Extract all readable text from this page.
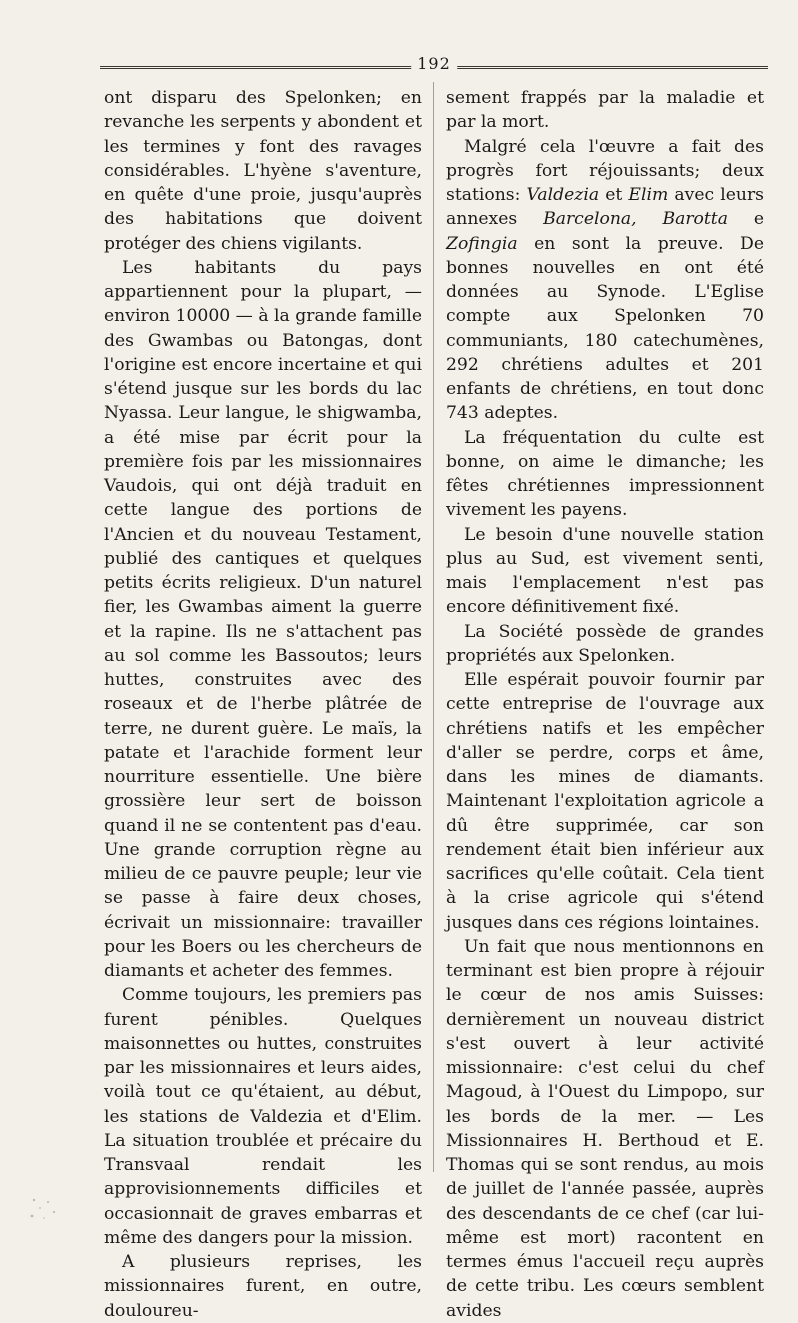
192

ont disparu des Spelonken; en revanche les serpents y abondent et les termines y font des ravages considérables. L'hyène s'aventure, en quête d'une proie, jusqu'auprès des habitations que doivent protéger des chiens vigilants.

Les habitants du pays appartiennent pour la plupart, — environ 10000 — à la grande famille des Gwambas ou Batongas, dont l'origine est encore incertaine et qui s'étend jusque sur les bords du lac Nyassa. Leur langue, le shigwamba, a été mise par écrit pour la première fois par les missionnaires Vaudois, qui ont déjà traduit en cette langue des portions de l'Ancien et du nouveau Testament, publié des cantiques et quelques petits écrits religieux. D'un naturel fier, les Gwambas aiment la guerre et la rapine. Ils ne s'attachent pas au sol comme les Bassoutos; leurs huttes, construites avec des roseaux et de l'herbe plâtrée de terre, ne durent guère. Le maïs, la patate et l'arachide forment leur nourriture essentielle. Une bière grossière leur sert de boisson quand il ne se contentent pas d'eau. Une grande corruption règne au milieu de ce pauvre peuple; leur vie se passe à faire deux choses, écrivait un missionnaire: travailler pour les Boers ou les chercheurs de diamants et acheter des femmes.

Comme toujours, les premiers pas furent pénibles. Quelques maisonnettes ou huttes, construites par les missionnaires et leurs aides, voilà tout ce qu'étaient, au début, les stations de Valdezia et d'Elim. La situation troublée et précaire du Transvaal rendait les approvisionnements difficiles et occasionnait de graves embarras et même des dangers pour la mission.

A plusieurs reprises, les missionnaires furent, en outre, douloureu-

sement frappés par la maladie et par la mort.

Malgré cela l'œuvre a fait des progrès fort réjouissants; deux stations: Valdezia et Elim avec leurs annexes Barcelona, Barotta e Zofingia en sont la preuve. De bonnes nouvelles en ont été données au Synode. L'Eglise compte aux Spelonken 70 communiants, 180 catechumènes, 292 chrétiens adultes et 201 enfants de chrétiens, en tout donc 743 adeptes.

La fréquentation du culte est bonne, on aime le dimanche; les fêtes chrétiennes impressionnent vivement les payens.

Le besoin d'une nouvelle station plus au Sud, est vivement senti, mais l'emplacement n'est pas encore définitivement fixé.

La Société possède de grandes propriétés aux Spelonken.

Elle espérait pouvoir fournir par cette entreprise de l'ouvrage aux chrétiens natifs et les empêcher d'aller se perdre, corps et âme, dans les mines de diamants. Maintenant l'exploitation agricole a dû être supprimée, car son rendement était bien inférieur aux sacrifices qu'elle coûtait. Cela tient à la crise agricole qui s'étend jusques dans ces régions lointaines.

Un fait que nous mentionnons en terminant est bien propre à réjouir le cœur de nos amis Suisses: dernièrement un nouveau district s'est ouvert à leur activité missionnaire: c'est celui du chef Magoud, à l'Ouest du Limpopo, sur les bords de la mer. — Les Missionnaires H. Berthoud et E. Thomas qui se sont rendus, au mois de juillet de l'année passée, auprès des descendants de ce chef (car lui-même est mort) racontent en termes émus l'accueil reçu auprès de cette tribu. Les cœurs semblent avides
